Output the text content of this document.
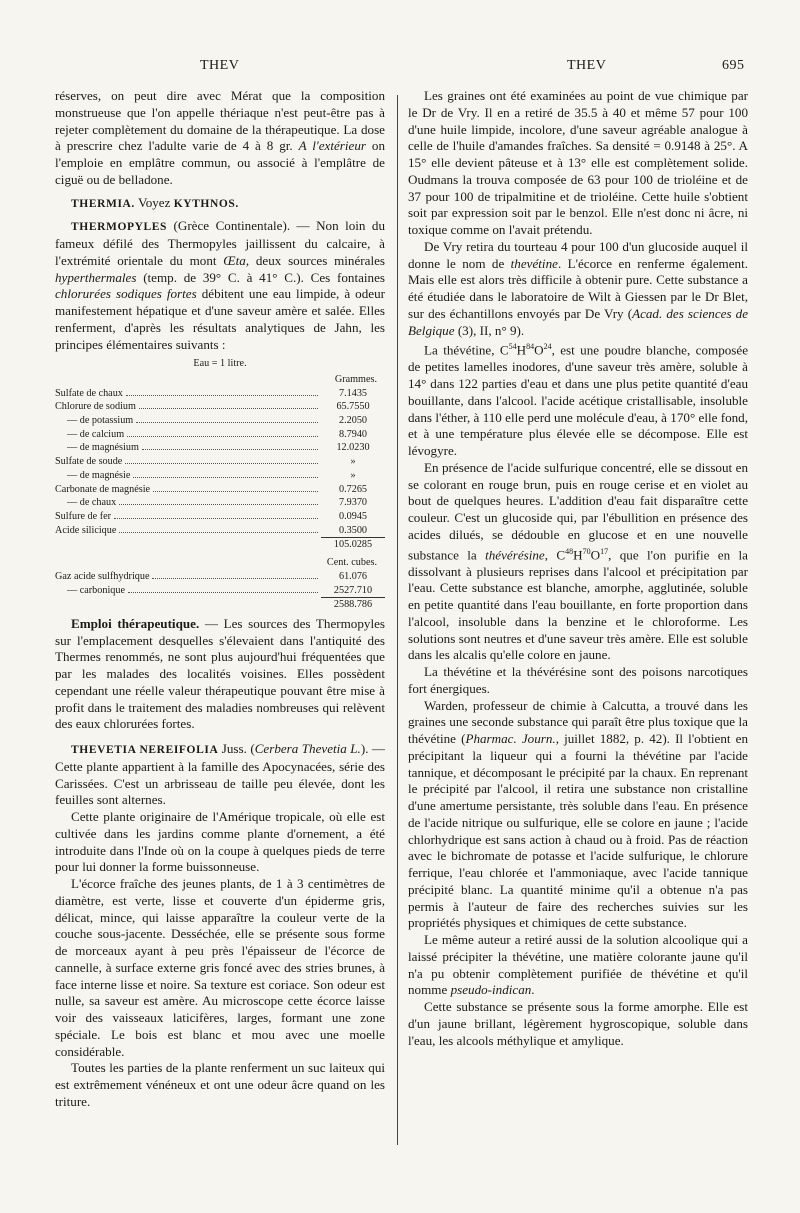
THEV	THEV	695

réserves, on peut dire avec Mérat que la composition monstrueuse que l'on appelle thériaque n'est peut-être pas à rejeter complètement du domaine de la thérapeutique. La dose à prescrire chez l'adulte varie de 4 à 8 gr. A l'extérieur on l'emploie en emplâtre commun, ou associé à l'emplâtre de ciguë ou de belladone.

THERMIA. Voyez KYTHNOS.

THERMOPYLES (Grèce Continentale). — Non loin du fameux défilé des Thermopyles jaillissent du calcaire, à l'extrémité orientale du mont Œta, deux sources minérales hyperthermales (temp. de 39° C. à 41° C.). Ces fontaines chlorurées sodiques fortes débitent une eau limpide, à odeur manifestement hépatique et d'une saveur amère et salée. Elles renferment, d'après les résultats analytiques de Jahn, les principes élémentaires suivants :

Eau = 1 litre.
Grammes.
Sulfate de chaux	7.1435
Chlorure de sodium	65.7550
— de potassium	2.2050
— de calcium	8.7940
— de magnésium	12.0230
Sulfate de soude	»
— de magnésie	»
Carbonate de magnésie	0.7265
— de chaux	7.9370
Sulfure de fer	0.0945
Acide silicique	0.3500
105.0285
Cent. cubes.
Gaz acide sulfhydrique	61.076
— carbonique	2527.710
2588.786

Emploi thérapeutique. — Les sources des Thermopyles sur l'emplacement desquelles s'élevaient dans l'antiquité des Thermes renommés, ne sont plus aujourd'hui fréquentées que par les malades des localités voisines. Elles possèdent cependant une réelle valeur thérapeutique pouvant être mise à profit dans le traitement des maladies nombreuses qui relèvent des eaux chlorurées fortes.

THEVETIA NEREIFOLIA Juss. (Cerbera Thevetia L.). — Cette plante appartient à la famille des Apocynacées, série des Carissées. C'est un arbrisseau de taille peu élevée, dont les feuilles sont alternes.

Cette plante originaire de l'Amérique tropicale, où elle est cultivée dans les jardins comme plante d'ornement, a été introduite dans l'Inde où on la coupe à quelques pieds de terre pour lui donner la forme buissonneuse.

L'écorce fraîche des jeunes plants, de 1 à 3 centimètres de diamètre, est verte, lisse et couverte d'un épiderme gris, délicat, mince, qui laisse apparaître la couleur verte de la couche sous-jacente. Desséchée, elle se présente sous forme de morceaux ayant à peu près l'épaisseur de l'écorce de cannelle, à surface externe gris foncé avec des stries brunes, à face interne lisse et noire. Sa texture est coriace. Son odeur est nulle, sa saveur est amère. Au microscope cette écorce laisse voir des vaisseaux laticifères, larges, formant une zone spéciale. Le bois est blanc et mou avec une moelle considérable.

Toutes les parties de la plante renferment un suc laiteux qui est extrêmement vénéneux et ont une odeur âcre quand on les triture.

Les graines ont été examinées au point de vue chimique par le Dr de Vry. Il en a retiré de 35.5 à 40 et même 57 pour 100 d'une huile limpide, incolore, d'une saveur agréable analogue à celle de l'huile d'amandes fraîches. Sa densité = 0.9148 à 25°. A 15° elle devient pâteuse et à 13° elle est complètement solide. Oudmans la trouva composée de 63 pour 100 de trioléine et de 37 pour 100 de tripalmitine et de trioléine. Cette huile s'obtient soit par expression soit par le benzol. Elle n'est donc ni âcre, ni toxique comme on l'avait prétendu.

De Vry retira du tourteau 4 pour 100 d'un glucoside auquel il donne le nom de thevétine. L'écorce en renferme également. Mais elle est alors très difficile à obtenir pure. Cette substance a été étudiée dans le laboratoire de Wilt à Giessen par le Dr Blet, sur des échantillons envoyés par De Vry (Acad. des sciences de Belgique (3), II, n° 9).

La thévétine, $C^{54}H^{84}O^{24}$, est une poudre blanche, composée de petites lamelles inodores, d'une saveur très amère, soluble à 14° dans 122 parties d'eau et dans une plus petite quantité d'eau bouillante, dans l'alcool. l'acide acétique cristallisable, insoluble dans l'éther, à 110 elle perd une molécule d'eau, à 170° elle fond, et à une température plus élevée elle se décompose. Elle est lévogyre.

En présence de l'acide sulfurique concentré, elle se dissout en se colorant en rouge brun, puis en rouge cerise et en violet au bout de quelques heures. L'addition d'eau fait disparaître cette couleur. C'est un glucoside qui, par l'ébullition en présence des acides dilués, se dédouble en glucose et en une nouvelle substance la thévérésine, $C^{48}H^{70}O^{17}$, que l'on purifie en la dissolvant à plusieurs reprises dans l'alcool et précipitation par l'eau. Cette substance est blanche, amorphe, agglutinée, soluble en petite quantité dans l'eau bouillante, en forte proportion dans l'alcool, insoluble dans la benzine et le chloroforme. Les solutions sont neutres et d'une saveur très amère. Elle est soluble dans les alcalis qu'elle colore en jaune.

La thévétine et la thévérésine sont des poisons narcotiques fort énergiques.

Warden, professeur de chimie à Calcutta, a trouvé dans les graines une seconde substance qui paraît être plus toxique que la thévétine (Pharmac. Journ., juillet 1882, p. 42). Il l'obtient en précipitant la liqueur qui a fourni la thévétine par l'acide tannique, et décomposant le précipité par la chaux. En reprenant le précipité par l'alcool, il retira une substance non cristalline d'une amertume persistante, très soluble dans l'eau. En présence de l'acide nitrique ou sulfurique, elle se colore en jaune ; l'acide chlorhydrique est sans action à chaud ou à froid. Pas de réaction avec le bichromate de potasse et l'acide sulfurique, le chlorure ferrique, l'eau chlorée et l'ammoniaque, avec l'acide tannique précipité blanc. La quantité minime qu'il a obtenue n'a pas permis à l'auteur de faire des recherches suivies sur les propriétés physiques et chimiques de cette substance.

Le même auteur a retiré aussi de la solution alcoolique qui a laissé précipiter la thévétine, une matière colorante jaune qu'il n'a pu obtenir complètement purifiée de thévétine et qu'il nomme pseudo-indican.

Cette substance se présente sous la forme amorphe. Elle est d'un jaune brillant, légèrement hygroscopique, soluble dans l'eau, les alcools méthylique et amylique.
